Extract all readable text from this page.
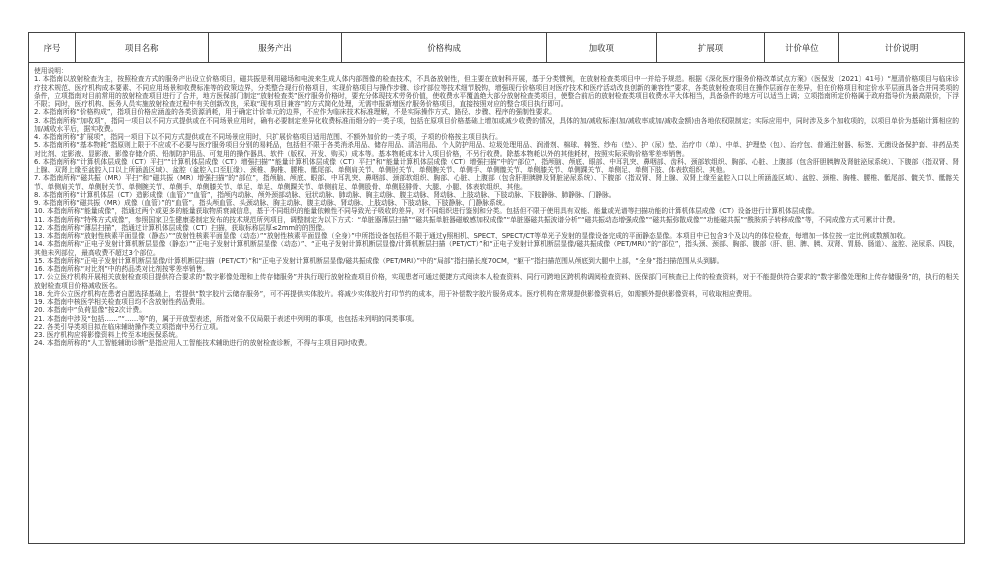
序号	项目名称	服务产出	价格构成	加收项	扩展项	计价单位	计价说明
使用说明：
1. 本指南以放射检查为主，按照检查方式的服务产出设立价格项目，磁共振是利用磁场和电波来生成人体内部图像的检查技术，不具备放射性，但主要在放射科开展，基于分类惯例，在放射检查类项目中一并给予规范。根据《深化医疗服务价格改革试点方案》（医保发〔2021〕41号）“厘清价格项目与临床诊疗技术规范、医疗机构成本要素、不同应用场景和收费标准等的政策边界，分类整合现行价格项目，实现价格项目与操作步骤、诊疗部位等技术细节脱钩，增强现行价格项目对医疗技术和医疗活动改良创新的兼容性”要求，各类放射检查项目在操作层面存在差异，但在价格项目和定价水平层面具备合并同类项的条件，立项指南对目前常用的放射检查项目进行了合并，地方医保部门制定“放射检查类”医疗服务价格时，要充分体现技术劳务价值，使收费水平覆盖绝大部分放射检查类项目，使整合前后的放射检查类项目收费水平大体相当，具备条件的地方可以适当上调；立项指南所定价格属于政府指导价为最高限价，下浮不限；同时，医疗机构、医务人员实施放射检查过程中有关创新改良，采取“现有项目兼容”的方式简化处理，无需申报新增医疗服务价格项目，直接按照对应的整合项目执行即可。
2. 本指南所称“价格构成”，指项目价格应涵盖的各类资源消耗，用于确定计价单元的边界，不应作为临床技术标准理解，不是实际操作方式、路径、步骤、程序的强制性要求。
3. 本指南所称“加收项”，指同一项目以不同方式提供或在不同场景应用时，确有必要制定差异化收费标准而细分的一类子项，包括在原项目价格基础上增加或减少收费的情况，具体的加/减收标准(加/减收率或加/减收金额)由各地依权限制定；实际应用中，同时涉及多个加收项的，以项目单价为基础计算相应的加/减收水平后，据实收费。
4. 本指南所称“扩展项”，指同一项目下以不同方式提供或在不同场景应用时，只扩展价格项目适用范围、不额外加价的一类子项，子项的价格按主项目执行。
5. 本指南所称“基本物耗”指原则上限于不应或不必要与医疗服务项目分别的易耗品，包括但不限于各类消杀用品、储存用品、清洁用品、个人防护用品、垃圾处理用品、润滑剂、棉球、棉签、纱布（垫）、护（尿）垫、治疗巾（单）、中单、护理垫（包）、治疗包、普通注射器、标签、无菌设备保护套、非药品类对比剂、定影液、显影液、影像存储介质、铅制防护用品、可复用的操作器具、软件（版权、开发、购买）成本等。基本物耗成本计入项目价格，不另行收费。除基本物耗以外的其他耗材，按照实际采购价格零差率销售。
6. 本指南所称“计算机体层成像（CT）平扫”“计算机体层成像（CT）增强扫描”“能量计算机体层成像（CT）平扫”和“能量计算机体层成像（CT）增强扫描”中的“部位”，指颅脑、颅底、眼部、中耳乳突、鼻咽部、齿科、颈部软组织、胸部、心脏、上腹部（包含肝胆胰脾及肾脏泌尿系统）、下腹部（指双肾、肾上腺、双肾上缘至盆腔入口以上所涵盖区域）、盆腔（盆腔入口至肛缘）、颈椎、胸椎、腰椎、骶尾部、单侧肩关节、单侧肘关节、单侧腕关节、单侧手、单侧髋关节、单侧膝关节、单侧踝关节、单侧足、单侧下肢、体表软组织、其他。
7. 本指南所称“磁共振（MR）平扫”和“磁共振（MR）增强扫描”的“部位”，指颅脑、颅底、眼部、中耳乳突、鼻咽部、颈部软组织、胸部、心脏、上腹部（包含肝胆胰脾及肾脏泌尿系统）、下腹部（指双肾、肾上腺、双肾上缘至盆腔入口以上所涵盖区域）、盆腔、颈椎、胸椎、腰椎、骶尾部、髋关节、骶髂关节、单侧肩关节、单侧肘关节、单侧腕关节、单侧手、单侧膝关节、单足、单足、单侧踝关节、单侧前足、单侧股骨、单侧胫腓骨、大腿、小腿、体表软组织、其他。
8. 本指南所称“计算机体层（CT）造影成像（血管）”“血管”，指颅内动脉、颅外颈部动脉、冠状动脉、肺动脉、胸主动脉、腹主动脉、肾动脉、上肢动脉、下肢动脉、下肢静脉、肺静脉、门静脉。
9. 本指南所称“磁共振（MR）成像（血管）”的“血管”，指头颅血管、头颈动脉、胸主动脉、腹主动脉、肾动脉、上肢动脉、下肢动脉、下肢静脉、门静脉系统。
10. 本指南所称“能量成像”，指通过两个或更多的能量获取物质衰减信息，基于不同组织的能量依赖性不同导致光子吸收的差异，对不同组织进行鉴别和分类。包括但不限于使用具有双能、能量或光谱等扫描功能的计算机体层成像（CT）设备进行计算机体层成像。
11. 本指南所称“特殊方式成像”，参照国家卫生健康委制定发布的技术规范所列项目，调整制定为以下方式：“单脏器薄层扫描”“磁共振单脏器磁敏感加权成像”“单脏器磁共振波谱分析”“磁共振动态增强成像”“磁共振弥散成像”“功能磁共振”“酰胺质子转移成像”等，不同成像方式可累计计费。
12. 本指南所称“薄层扫描”，指通过计算机体层成像（CT）扫描，获取标称层厚≤2mm的的图像。
13. 本指南所称“放射性核素平面显像（静态）”“放射性核素平面显像（动态）”“放射性核素平面显像（全身）”中所指设备包括但不限于通过γ照相机、SPECT、SPECT/CT等单光子发射的显像设备完成的平面静态显像。本项目中已包含3个及以内的体位检查，每增加一体位按一定比例或数额加收。
14. 本指南所称“正电子发射计算机断层显像（静态）”“正电子发射计算机断层显像（动态）”、“正电子发射计算机断层显像/计算机断层扫描（PET/CT）”和“正电子发射计算机断层显像/磁共振成像（PET/MRI）”的“部位”，指头颈、颈部、胸部、腹部（肝、胆、脾、胰、双肾、胃肠、肠道）、盆腔、泌尿系、四肢，其他未列部位，最高收费不超过3个部位。
15. 本指南所称“正电子发射计算机断层显像/计算机断层扫描（PET/CT）”和“正电子发射计算机断层显像/磁共振成像（PET/MRI）”中的“局部”指扫描长度70CM，“躯干”指扫描范围从颅底到大腿中上部，“全身”指扫描范围从头到脚。
16. 本指南所称“对比剂”中的药品类对比剂按零差率销售。
17. 公立医疗机构开展相关放射检查项目提供符合要求的“数字影像处理和上传存储服务”并执行现行放射检查项目价格，实现患者可通过便捷方式阅读本人检查资料、同行可跨地区跨机构调阅检查资料、医保部门可核查已上传的检查资料，对于不能提供符合要求的“数字影像处理和上传存储服务”的，执行的相关放射检查项目价格减收医名。
18. 允许公立医疗机构在患者自愿选择基础上，若提供“数字胶片云储存服务”，可不再提供实体胶片。将减少实体胶片打印节约的成本，用于补偿数字胶片服务成本。医疗机构在常规提供影像资料后，如需额外提供影像资料，可收取相应费用。
19. 本指南中核医学相关检查项目均不含放射性药品费用。
20. 本指南中“负荷显像”按2次计费。
21. 本指南中涉及“包括……”“……等”的，属于开放型表述，所指对象不仅局限于表述中列明的事项，也包括未列明的同类事项。
22. 各类引导类项目拟在临床辅助操作类立项指南中另行立项。
23. 医疗机构应将影像资料上传至本地医保系统。
24. 本指南所称的“人工智能辅助诊断”是指应用人工智能技术辅助进行的放射检查诊断，不得与主项目同时收费。
